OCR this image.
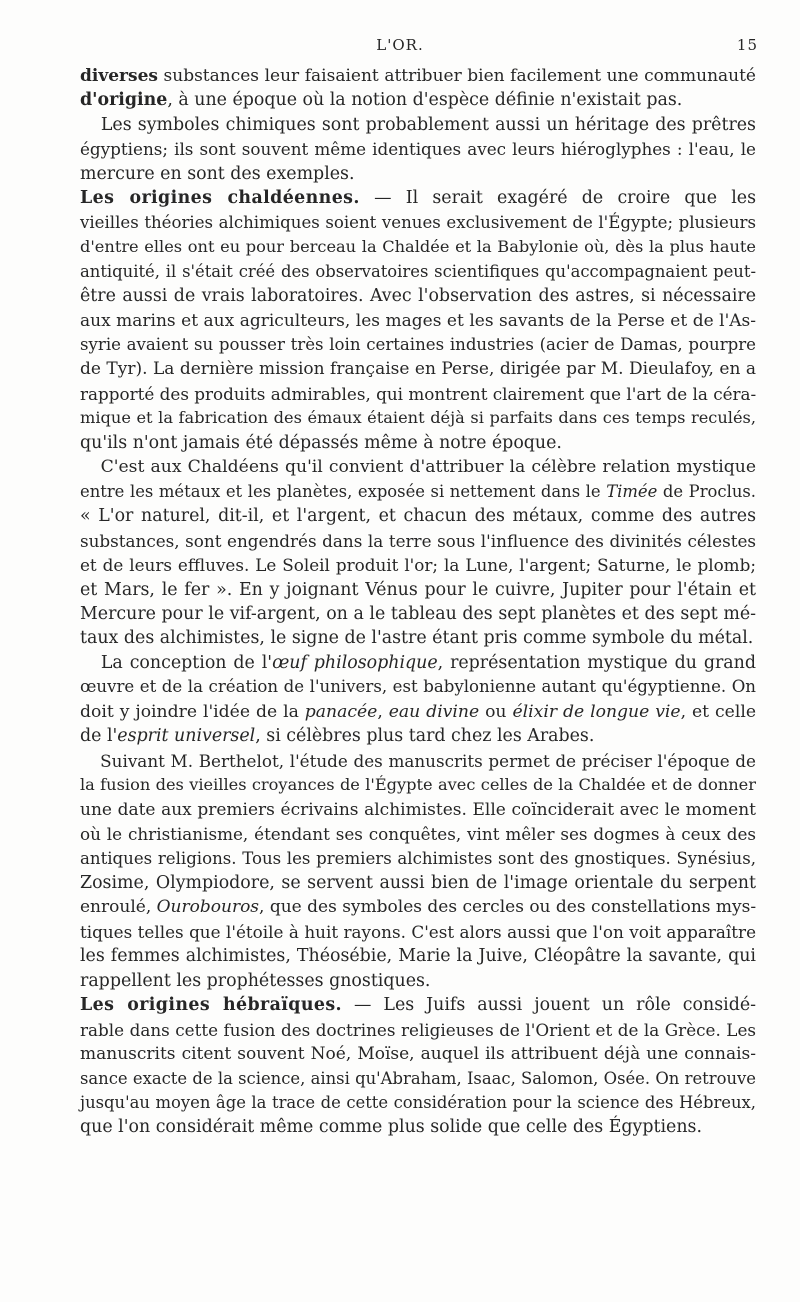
L'OR.	15

diverses substances leur faisaient attribuer bien facilement une communauté
d'origine, à une époque où la notion d'espèce définie n'existait pas.

Les symboles chimiques sont probablement aussi un héritage des prêtres
égyptiens; ils sont souvent même identiques avec leurs hiéroglyphes : l'eau, le
mercure en sont des exemples.

Les origines chaldéennes. — Il serait exagéré de croire que les
vieilles théories alchimiques soient venues exclusivement de l'Égypte; plusieurs
d'entre elles ont eu pour berceau la Chaldée et la Babylonie où, dès la plus haute
antiquité, il s'était créé des observatoires scientifiques qu'accompagnaient peut-
être aussi de vrais laboratoires. Avec l'observation des astres, si nécessaire
aux marins et aux agriculteurs, les mages et les savants de la Perse et de l'As-
syrie avaient su pousser très loin certaines industries (acier de Damas, pourpre
de Tyr). La dernière mission française en Perse, dirigée par M. Dieulafoy, en a
rapporté des produits admirables, qui montrent clairement que l'art de la céra-
mique et la fabrication des émaux étaient déjà si parfaits dans ces temps reculés,
qu'ils n'ont jamais été dépassés même à notre époque.

C'est aux Chaldéens qu'il convient d'attribuer la célèbre relation mystique
entre les métaux et les planètes, exposée si nettement dans le Timée de Proclus.
« L'or naturel, dit-il, et l'argent, et chacun des métaux, comme des autres
substances, sont engendrés dans la terre sous l'influence des divinités célestes
et de leurs effluves. Le Soleil produit l'or; la Lune, l'argent; Saturne, le plomb;
et Mars, le fer ». En y joignant Vénus pour le cuivre, Jupiter pour l'étain et
Mercure pour le vif-argent, on a le tableau des sept planètes et des sept mé-
taux des alchimistes, le signe de l'astre étant pris comme symbole du métal.

La conception de l'œuf philosophique, représentation mystique du grand
œuvre et de la création de l'univers, est babylonienne autant qu'égyptienne. On
doit y joindre l'idée de la panacée, eau divine ou élixir de longue vie, et celle
de l'esprit universel, si célèbres plus tard chez les Arabes.

Suivant M. Berthelot, l'étude des manuscrits permet de préciser l'époque de
la fusion des vieilles croyances de l'Égypte avec celles de la Chaldée et de donner
une date aux premiers écrivains alchimistes. Elle coïnciderait avec le moment
où le christianisme, étendant ses conquêtes, vint mêler ses dogmes à ceux des
antiques religions. Tous les premiers alchimistes sont des gnostiques. Synésius,
Zosime, Olympiodore, se servent aussi bien de l'image orientale du serpent
enroulé, Ourobouros, que des symboles des cercles ou des constellations mys-
tiques telles que l'étoile à huit rayons. C'est alors aussi que l'on voit apparaître
les femmes alchimistes, Théosébie, Marie la Juive, Cléopâtre la savante, qui
rappellent les prophétesses gnostiques.

Les origines hébraïques. — Les Juifs aussi jouent un rôle considé-
rable dans cette fusion des doctrines religieuses de l'Orient et de la Grèce. Les
manuscrits citent souvent Noé, Moïse, auquel ils attribuent déjà une connais-
sance exacte de la science, ainsi qu'Abraham, Isaac, Salomon, Osée. On retrouve
jusqu'au moyen âge la trace de cette considération pour la science des Hébreux,
que l'on considérait même comme plus solide que celle des Égyptiens.
